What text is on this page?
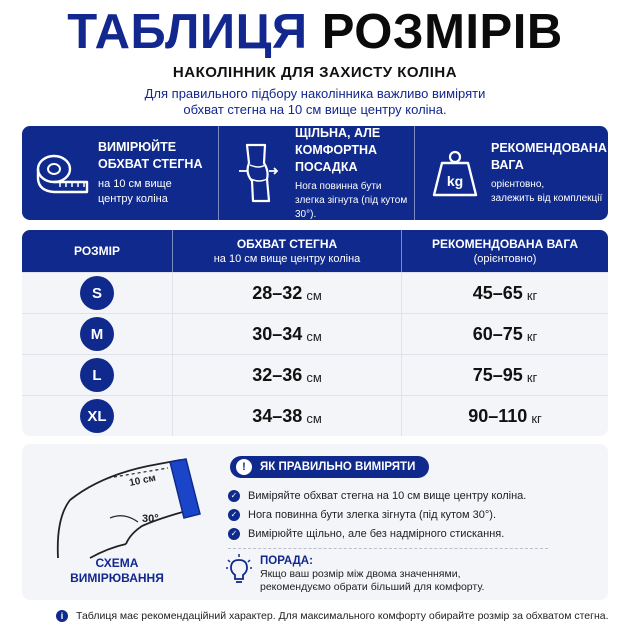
ТАБЛИЦЯ РОЗМІРІВ
НАКОЛІННИК ДЛЯ ЗАХИСТУ КОЛІНА
Для правильного підбору наколінника важливо виміряти
обхват стегна на 10 см вище центру коліна.
ВИМІРЮЙТЕ
ОБХВАТ СТЕГНА
на 10 см вище
центру коліна
ЩІЛЬНА, АЛЕ
КОМФОРТНА ПОСАДКА
Нога повинна бути
злегка зігнута (під кутом 30°).
kg
РЕКОМЕНДОВАНА
ВАГА
орієнтовно,
залежить від комплекції
РОЗМІР
ОБХВАТ СТЕГНА
на 10 см вище центру коліна
РЕКОМЕНДОВАНА ВАГА
(орієнтовно)
S	28–32 см	45–65 кг
M	30–34 см	60–75 кг
L	32–36 см	75–95 кг
XL	34–38 см	90–110 кг
10 см
30°
СХЕМА
ВИМІРЮВАННЯ
!	ЯК ПРАВИЛЬНО ВИМІРЯТИ
✓ Виміряйте обхват стегна на 10 см вище центру коліна.
✓ Нога повинна бути злегка зігнута (під кутом 30°).
✓ Вимірюйте щільно, але без надмірного стискання.
ПОРАДА:
Якщо ваш розмір між двома значеннями,
рекомендуємо обрати більший для комфорту.
i	Таблиця має рекомендаційний характер. Для максимального комфорту обирайте розмір за обхватом стегна.
